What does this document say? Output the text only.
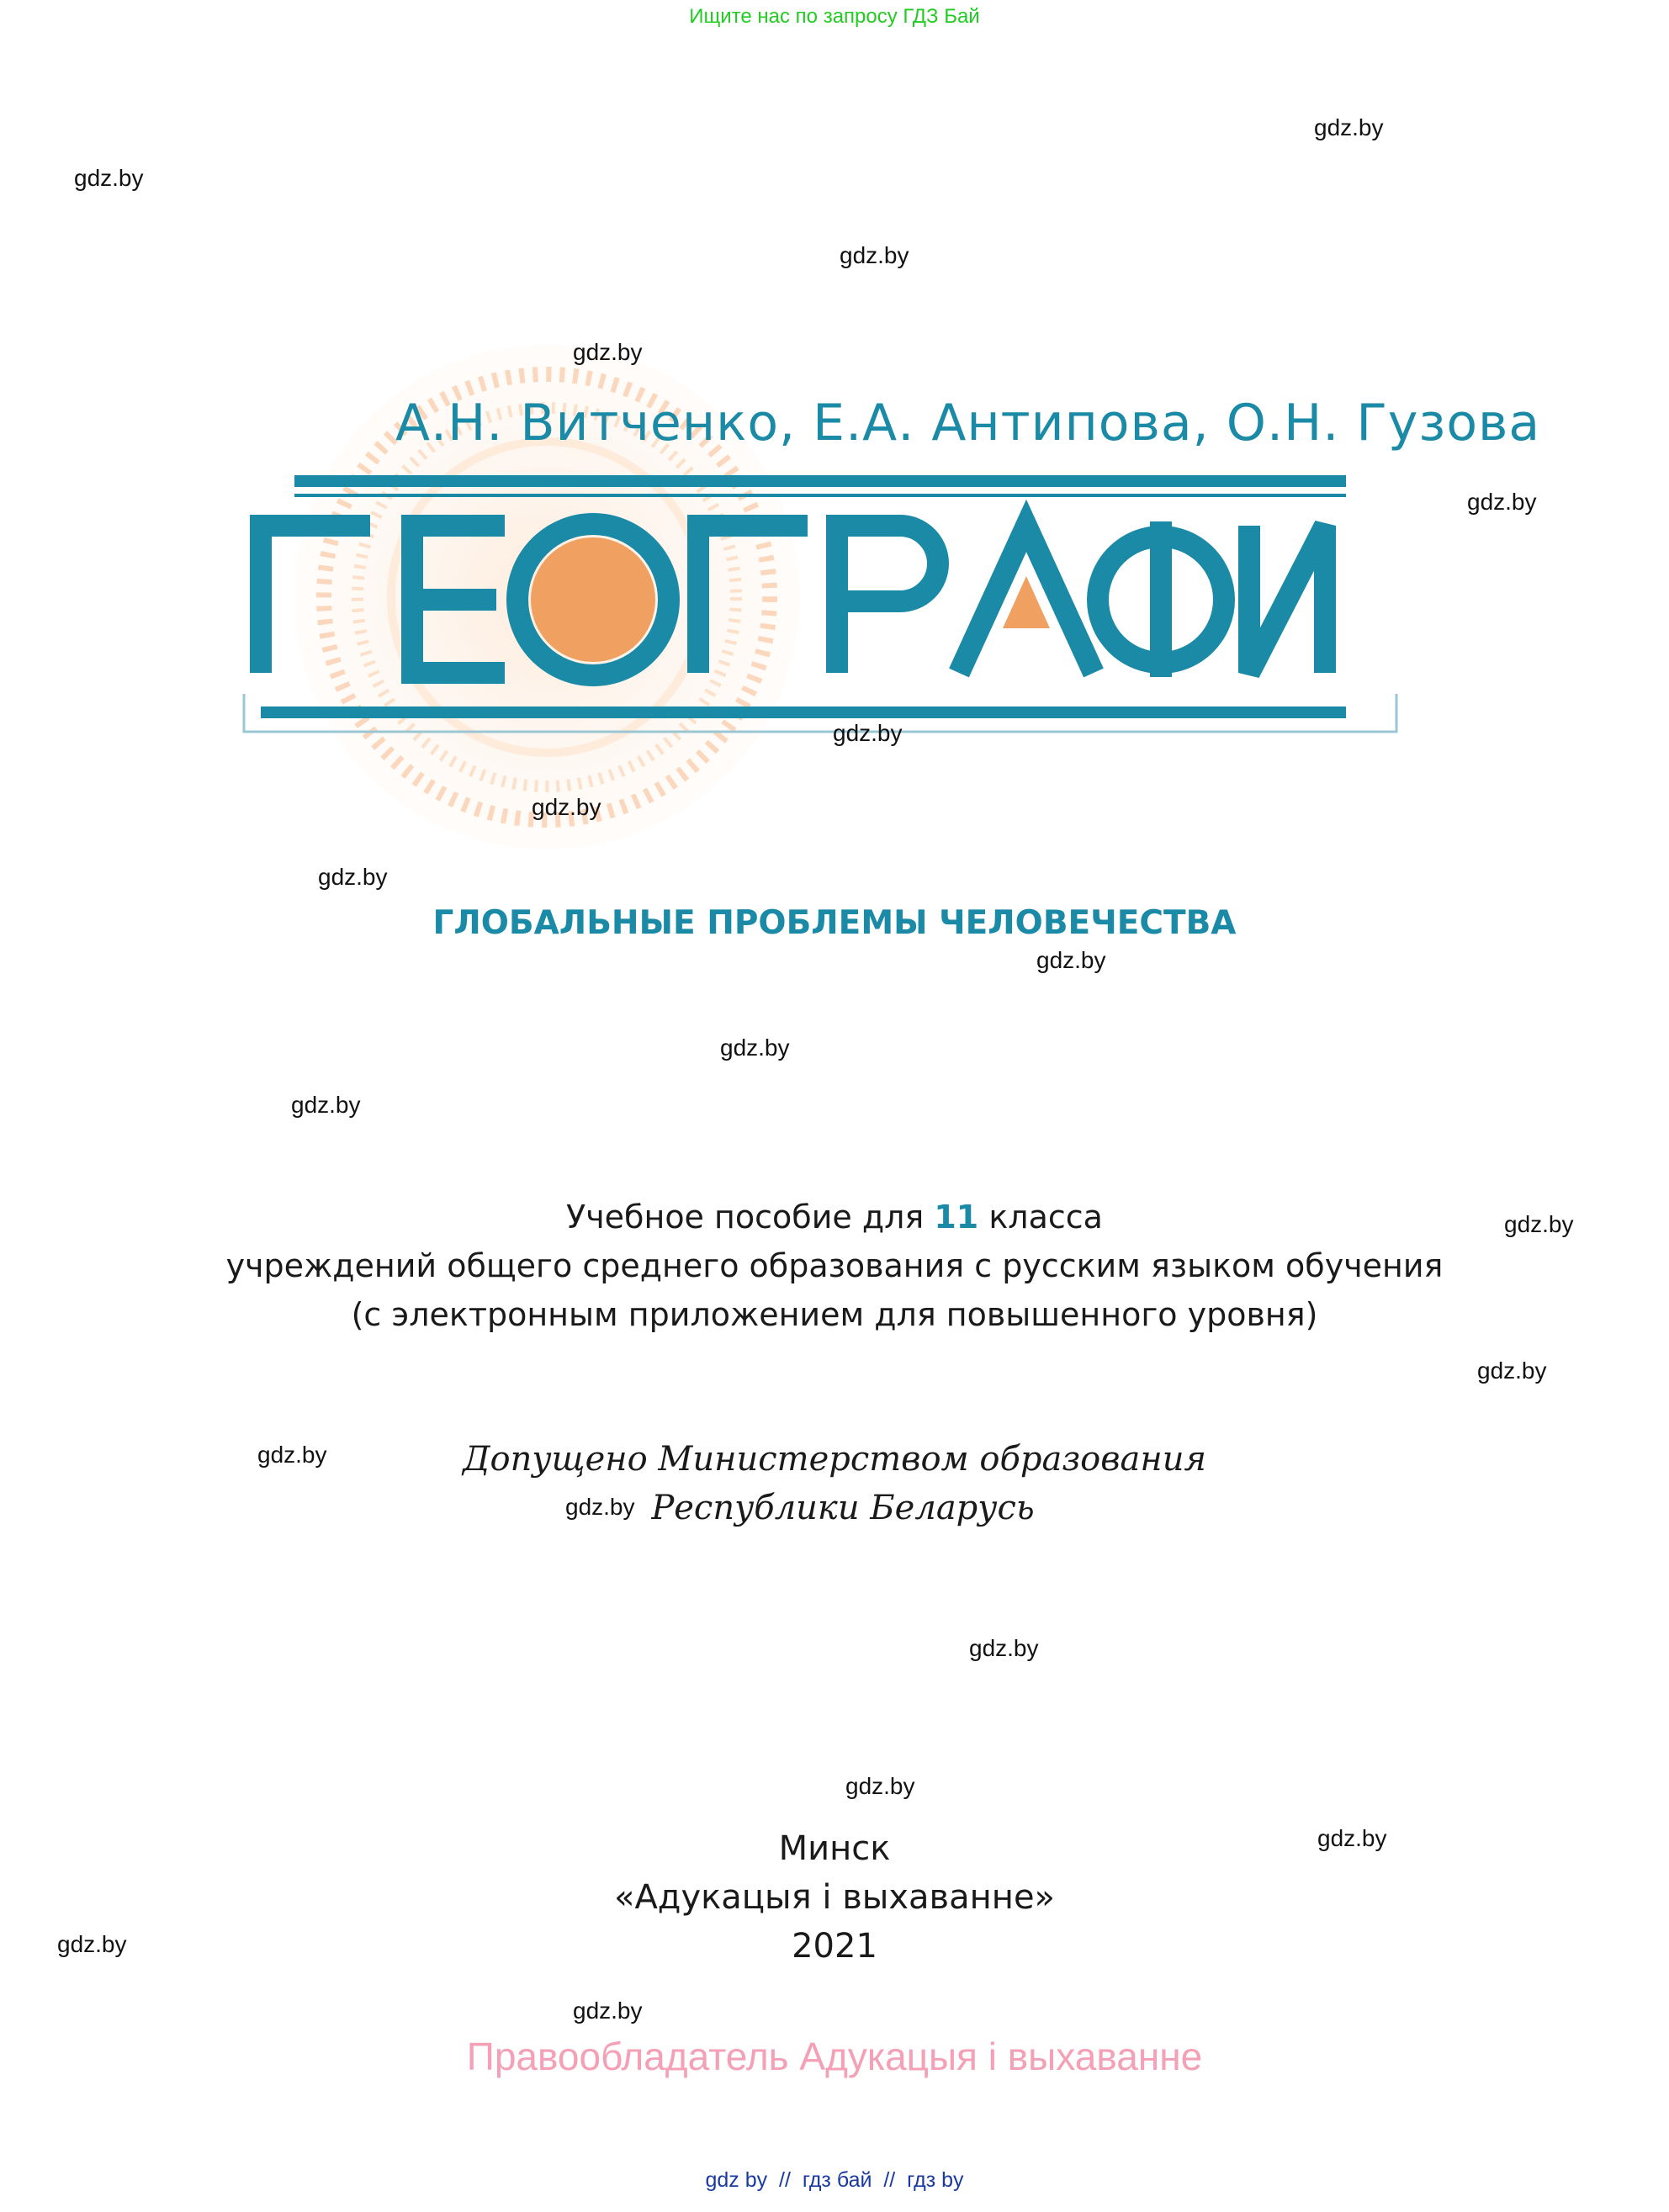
Ищите нас по запросу ГДЗ Бай
А.Н. Витченко, Е.А. Антипова, О.Н. Гузова
ГЛОБАЛЬНЫЕ ПРОБЛЕМЫ ЧЕЛОВЕЧЕСТВА
Учебное пособие для 11 класса
учреждений общего среднего образования с русским языком обучения
(с электронным приложением для повышенного уровня)
Допущено Министерством образования
Республики Беларусь
Минск
«Адукацыя і выхаванне»
2021
Правообладатель Адукацыя і выхаванне
gdz by // гдз бай // гдз by
gdz.by
gdz.by
gdz.by
gdz.by
gdz.by
gdz.by
gdz.by
gdz.by
gdz.by
gdz.by
gdz.by
gdz.by
gdz.by
gdz.by
gdz.by
gdz.by
gdz.by
gdz.by
gdz.by
gdz.by
